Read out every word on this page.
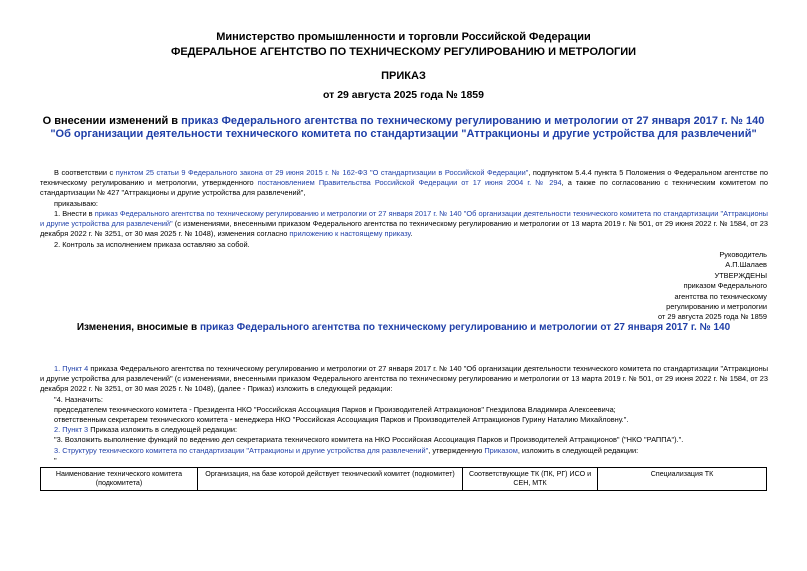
Министерство промышленности и торговли Российской Федерации
ФЕДЕРАЛЬНОЕ АГЕНТСТВО ПО ТЕХНИЧЕСКОМУ РЕГУЛИРОВАНИЮ И МЕТРОЛОГИИ
ПРИКАЗ
от 29 августа 2025 года № 1859
О внесении изменений в приказ Федерального агентства по техническому регулированию и метрологии от 27 января 2017 г. № 140 "Об организации деятельности технического комитета по стандартизации "Аттракционы и другие устройства для развлечений"
В соответствии с пунктом 25 статьи 9 Федерального закона от 29 июня 2015 г. № 162-ФЗ "О стандартизации в Российской Федерации", подпунктом 5.4.4 пункта 5 Положения о Федеральном агентстве по техническому регулированию и метрологии, утвержденного постановлением Правительства Российской Федерации от 17 июня 2004 г. № 294, а также по согласованию с техническим комитетом по стандартизации № 427 "Аттракционы и другие устройства для развлечений",
приказываю:
1. Внести в приказ Федерального агентства по техническому регулированию и метрологии от 27 января 2017 г. № 140 "Об организации деятельности технического комитета по стандартизации "Аттракционы и другие устройства для развлечений" (с изменениями, внесенными приказом Федерального агентства по техническому регулированию и метрологии от 13 марта 2019 г. № 501, от 29 июня 2022 г. № 1584, от 23 декабря 2022 г. № 3251, от 30 мая 2025 г. № 1048), изменения согласно приложению к настоящему приказу.
2. Контроль за исполнением приказа оставляю за собой.
Руководитель
А.П.Шалаев
УТВЕРЖДЕНЫ
приказом Федерального
агентства по техническому
регулированию и метрологии
от 29 августа 2025 года № 1859
Изменения, вносимые в приказ Федерального агентства по техническому регулированию и метрологии от 27 января 2017 г. № 140
1. Пункт 4 приказа Федерального агентства по техническому регулированию и метрологии от 27 января 2017 г. № 140 "Об организации деятельности технического комитета по стандартизации "Аттракционы и другие устройства для развлечений" (с изменениями, внесенными приказом Федерального агентства по техническому регулированию и метрологии от 13 марта 2019 г. № 501, от 29 июня 2022 г. № 1584, от 23 декабря 2022 г. № 3251, от 30 мая 2025 г. № 1048), (далее - Приказ) изложить в следующей редакции:
"4. Назначить:
председателем технического комитета - Президента НКО "Российская Ассоциация Парков и Производителей Аттракционов" Гнездилова Владимира Алексеевича;
ответственным секретарем технического комитета - менеджера НКО "Российская Ассоциация Парков и Производителей Аттракционов Гурину Наталию Михайловну.".
2. Пункт 3 Приказа изложить в следующей редакции:
"3. Возложить выполнение функций по ведению дел секретариата технического комитета на НКО Российская Ассоциация Парков и Производителей Аттракционов" ("НКО "РАППА").".
3. Структуру технического комитета по стандартизации "Аттракционы и другие устройства для развлечений", утвержденную Приказом, изложить в следующей редакции:
"
Наименование технического комитета (подкомитета)	Организация, на базе которой действует технический комитет (подкомитет)	Соответствующие ТК (ПК, РГ) ИСО и СЕН, МТК	Специализация ТК
